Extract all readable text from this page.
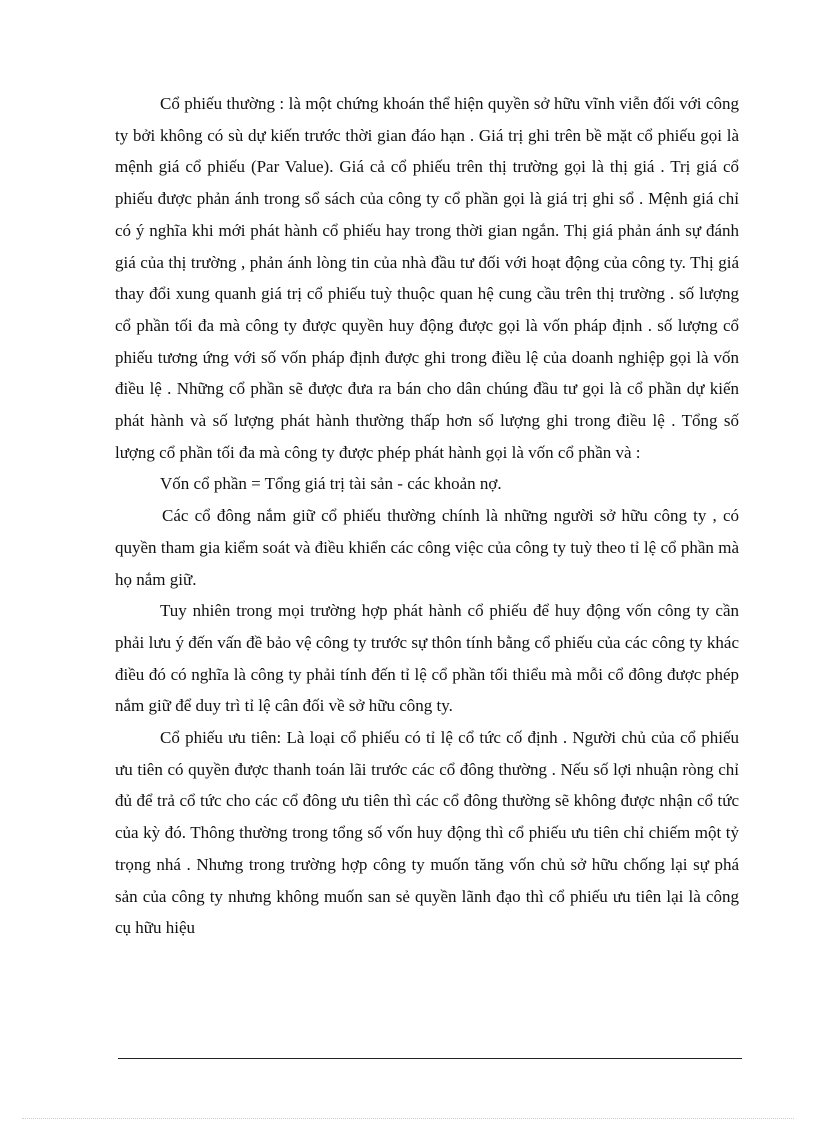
Cổ phiếu thường : là một chứng khoán thể hiện quyền sở hữu vĩnh viễn đối với công ty bởi không có sù dự kiến trước thời gian đáo hạn . Giá trị ghi trên bề mặt cổ phiếu gọi là mệnh giá cổ phiếu (Par Value). Giá cả cổ phiếu trên thị trường gọi là thị giá . Trị giá cổ phiếu được phản ánh trong sổ sách của công ty cổ phần gọi là giá trị ghi sổ . Mệnh giá chỉ có ý nghĩa khi mới phát hành cổ phiếu hay trong thời gian ngắn. Thị giá phản ánh sự đánh giá của thị trường , phản ánh lòng tin của nhà đầu tư đối với hoạt động của công ty. Thị giá thay đổi xung quanh giá trị cổ phiếu tuỳ thuộc quan hệ cung cầu trên thị trường . số lượng cổ phần tối đa mà công ty được quyền huy động được gọi là vốn pháp định . số lượng cổ phiếu tương ứng với số vốn pháp định được ghi trong điều lệ của doanh nghiệp gọi là vốn điều lệ . Những cổ phần sẽ được đưa ra bán cho dân chúng đầu tư gọi là cổ phần dự kiến phát hành và số lượng phát hành thường thấp hơn số lượng ghi trong điều lệ . Tổng số lượng cổ phần tối đa mà công ty được phép phát hành gọi là vốn cổ phần và :

Vốn cổ phần = Tổng giá trị tài sản - các khoản nợ.

Các cổ đông nắm giữ cổ phiếu thường chính là những người sở hữu công ty , có quyền tham gia kiểm soát và điều khiển các công việc của công ty tuỳ theo tỉ lệ cổ phần mà họ nắm giữ.

Tuy nhiên trong mọi trường hợp phát hành cổ phiếu để huy động vốn công ty cần phải lưu ý đến vấn đề bảo vệ công ty trước sự thôn tính bằng cổ phiếu của các công ty khác điều đó có nghĩa là công ty phải tính đến tỉ lệ cổ phần tối thiểu mà mỗi cổ đông được phép nắm giữ để duy trì tỉ lệ cân đối về sở hữu công ty.

Cổ phiếu ưu tiên: Là loại cổ phiếu có tỉ lệ cổ tức cố định . Người chủ của cổ phiếu ưu tiên có quyền được thanh toán lãi trước các cổ đông thường . Nếu số lợi nhuận ròng chỉ đủ để trả cổ tức cho các cổ đông ưu tiên thì các cổ đông thường sẽ không được nhận cổ tức của kỳ đó. Thông thường trong tổng số vốn huy động thì cổ phiếu ưu tiên chỉ chiếm một tỷ trọng nhá . Nhưng trong trường hợp công ty muốn tăng vốn chủ sở hữu chống lại sự phá sản của công ty nhưng không muốn san sẻ quyền lãnh đạo thì cổ phiếu ưu tiên lại là công cụ hữu hiệu
